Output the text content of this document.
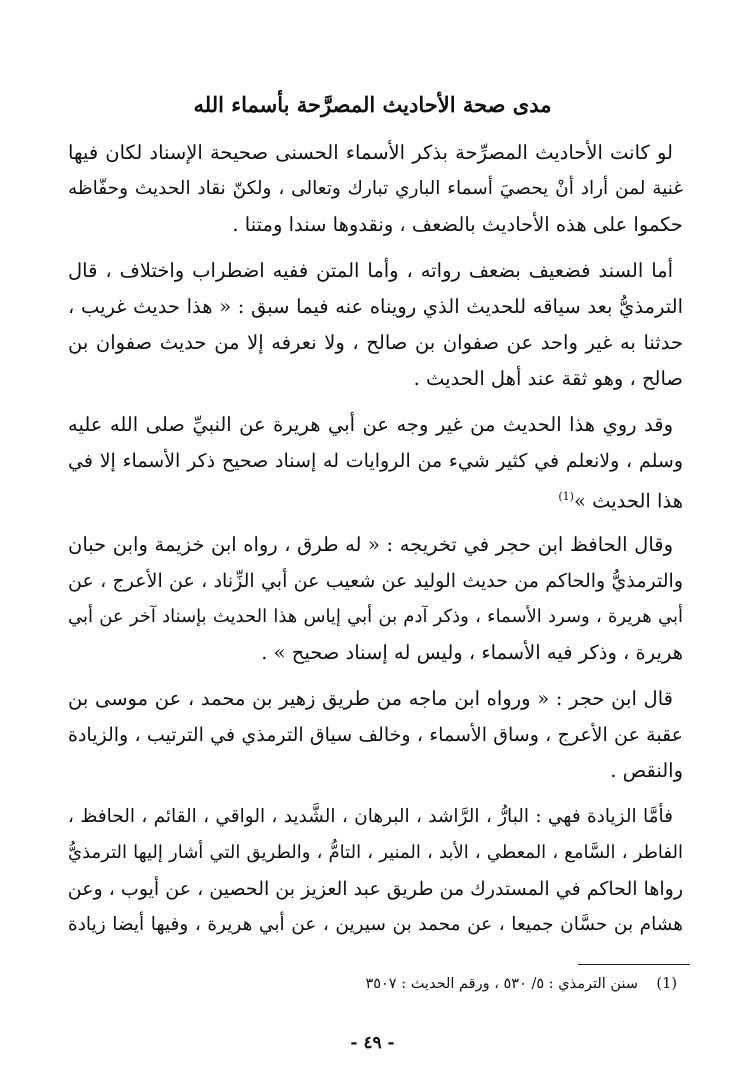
مدى صحة الأحاديث المصرَّحة بأسماء الله
لو كانت الأحاديث المصرِّحة بذكر الأسماء الحسنى صحيحة الإسناد لكان فيها
غنية لمن أراد أنْ يحصيَ أسماء الباري تبارك وتعالى ، ولكنّ نقاد الحديث وحفّاظه
حكموا على هذه الأحاديث بالضعف ، ونقدوها سندا ومتنا .
أما السند فضعيف بضعف رواته ، وأما المتن ففيه اضطراب واختلاف ، قال
الترمذيُّ بعد سياقه للحديث الذي رويناه عنه فيما سبق : « هذا حديث غريب ،
حدثنا به غير واحد عن صفوان بن صالح ، ولا نعرفه إلا من حديث صفوان بن
صالح ، وهو ثقة عند أهل الحديث .
وقد روي هذا الحديث من غير وجه عن أبي هريرة عن النبيِّ صلى الله عليه
وسلم ، ولانعلم في كثير شيء من الروايات له إسناد صحيح ذكر الأسماء إلا في
هذا الحديث »$^{(1)}$
وقال الحافظ ابن حجر في تخريجه : « له طرق ، رواه ابن خزيمة وابن حبان
والترمذيُّ والحاكم من حديث الوليد عن شعيب عن أبي الزِّناد ، عن الأعرج ، عن
أبي هريرة ، وسرد الأسماء ، وذكر آدم بن أبي إياس هذا الحديث بإسناد آخر عن أبي
هريرة ، وذكر فيه الأسماء ، وليس له إسناد صحيح » .
قال ابن حجر : « ورواه ابن ماجه من طريق زهير بن محمد ، عن موسى بن
عقبة عن الأعرج ، وساق الأسماء ، وخالف سياق الترمذي في الترتيب ، والزيادة
والنقص .
فأمَّا الزيادة فهي : البارُّ ، الرَّاشد ، البرهان ، الشَّديد ، الواقي ، القائم ، الحافظ ،
الفاطر ، السَّامع ، المعطي ، الأبد ، المنير ، التامُّ ، والطريق التي أشار إليها الترمذيُّ
رواها الحاكم في المستدرك من طريق عبد العزيز بن الحصين ، عن أيوب ، وعن
هشام بن حسَّان جميعا ، عن محمد بن سيرين ، عن أبي هريرة ، وفيها أيضا زيادة
(1)    سنن الترمذي : ٥/ ٥٣٠ ، ورقم الحديث : ٣٥٠٧
- ٤٩ -
